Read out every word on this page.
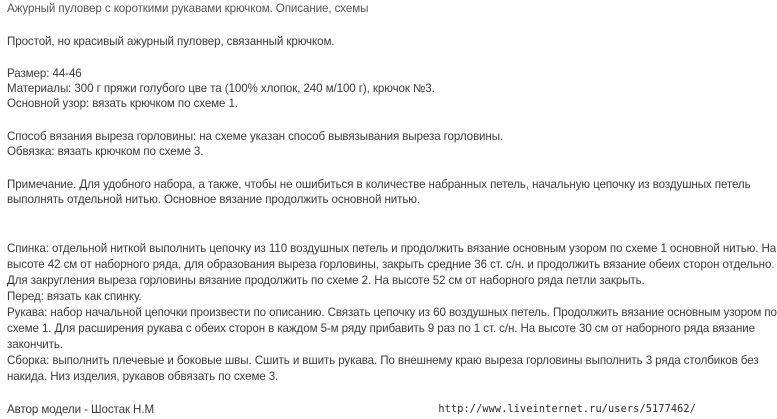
Ажурный пуловер с короткими рукавами крючком. Описание, схемы
Простой, но красивый ажурный пуловер, связанный крючком.
Размер: 44-46
Материалы: 300 г пряжи голубого цве та (100% хлопок, 240 м/100 г), крючок №3.
Основной узор: вязать крючком по схеме 1.
Способ вязания выреза горловины: на схеме указан способ вывязывания выреза горловины.
Обвязка: вязать крючком по схеме 3.
Примечание. Для удобного набора, а также, чтобы не ошибиться в количестве набранных петель, начальную цепочку из воздушных петель
выполнять отдельной нитью. Основное вязание продолжить основной нитью.
Спинка: отдельной ниткой выполнить цепочку из 110 воздушных петель и продолжить вязание основным узором по схеме 1 основной нитью. На
высоте 42 см от наборного ряда, для образования выреза горловины, закрыть средние 36 ст. с/н. и продолжить вязание обеих сторон отдельно.
Для закругления выреза горловины вязание продолжить по схеме 2. На высоте 52 см от наборного ряда петли закрыть.
Перед: вязать как спинку.
Рукава: набор начальной цепочки произвести по описанию. Связать цепочку из 60 воздушных петель. Продолжить вязание основным узором по
схеме 1. Для расширения рукава с обеих сторон в каждом 5-м ряду прибавить 9 раз по 1 ст. с/н. На высоте 30 см от наборного ряда вязание
закончить.
Сборка: выполнить плечевые и боковые швы. Сшить и вшить рукава. По внешнему краю выреза горловины выполнить 3 ряда столбиков без
накида. Низ изделия, рукавов обвязать по схеме 3.
Автор модели - Шостак Н.М	http://www.liveinternet.ru/users/5177462/
